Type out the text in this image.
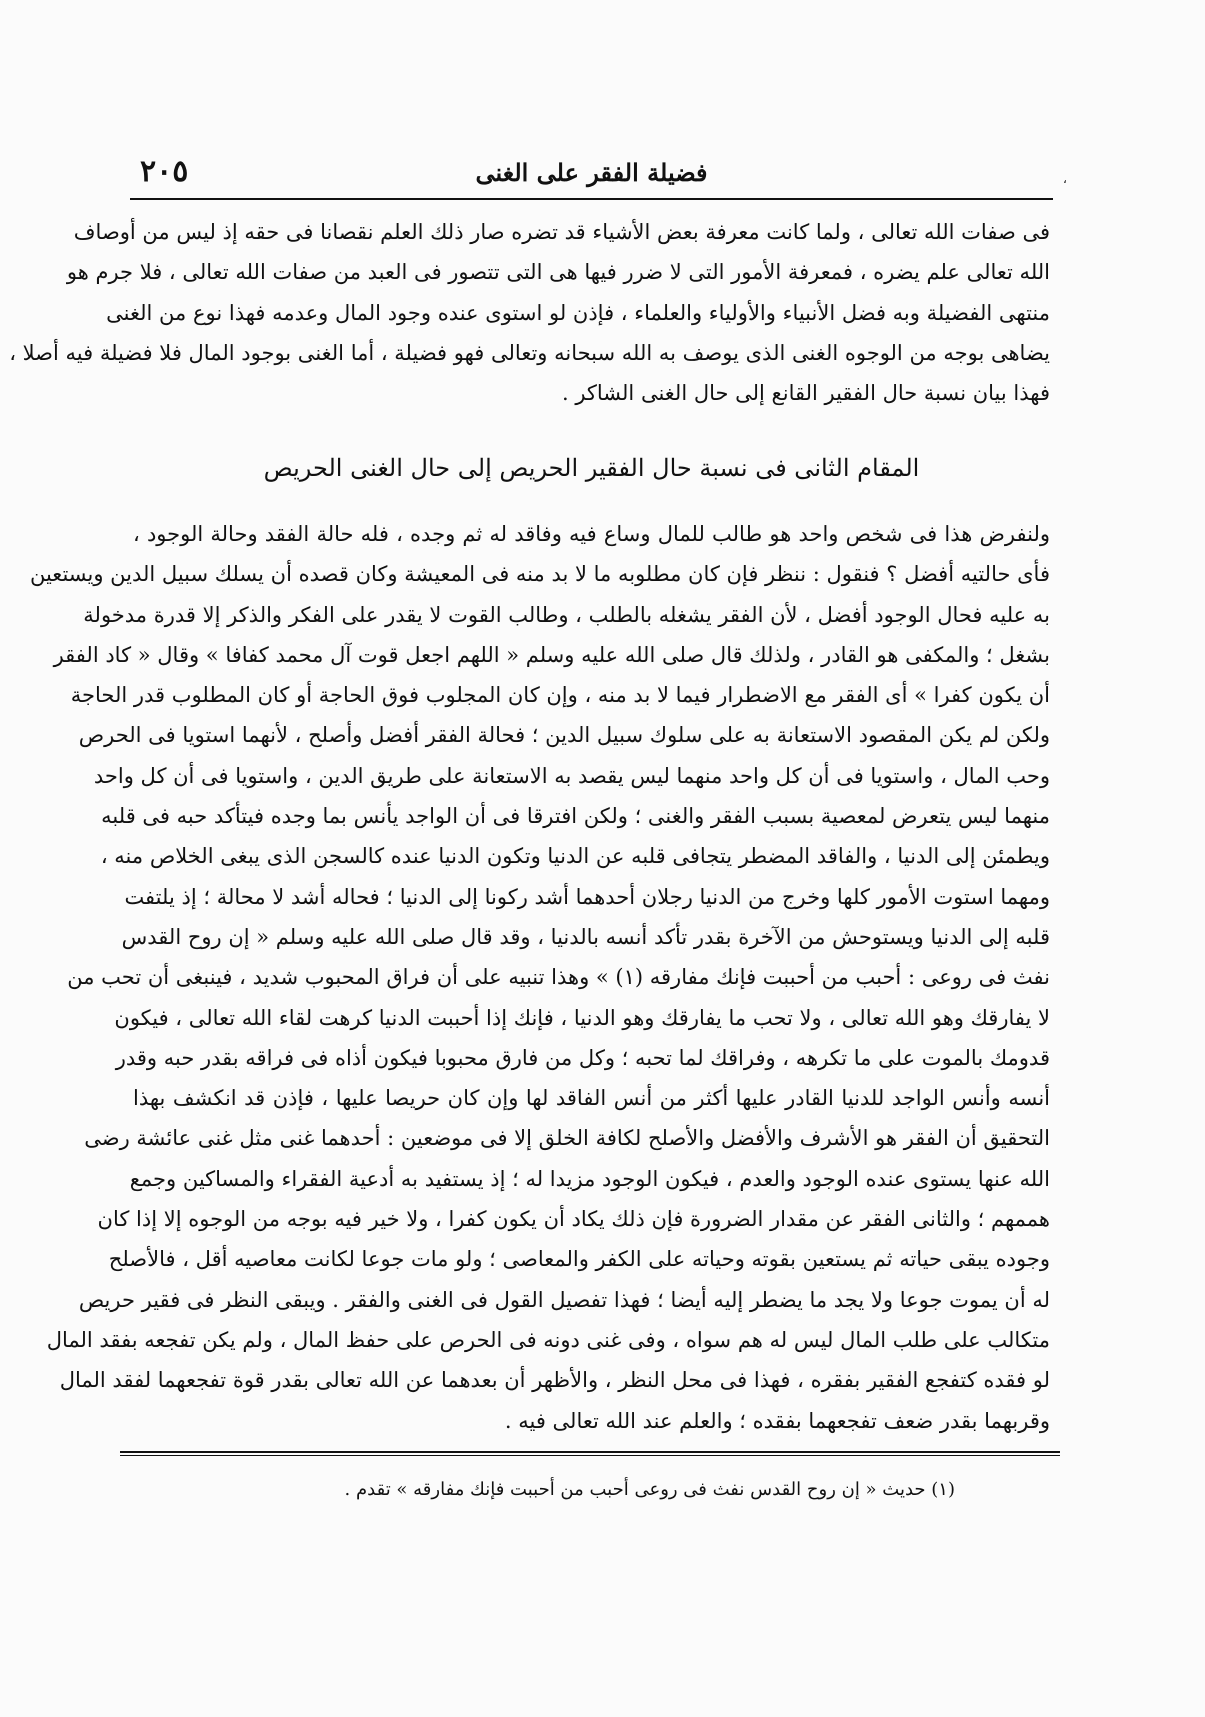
فضيلة الفقر على الغنى
٢٠٥	،
فى صفات الله تعالى ، ولما كانت معرفة بعض الأشياء قد تضره صار ذلك العلم نقصانا فى حقه إذ ليس من أوصاف
الله تعالى علم يضره ، فمعرفة الأمور التى لا ضرر فيها هى التى تتصور فى العبد من صفات الله تعالى ، فلا جرم هو
منتهى الفضيلة وبه فضل الأنبياء والأولياء والعلماء ، فإذن لو استوى عنده وجود المال وعدمه فهذا نوع من الغنى
يضاهى بوجه من الوجوه الغنى الذى يوصف به الله سبحانه وتعالى فهو فضيلة ، أما الغنى بوجود المال فلا فضيلة فيه أصلا ،
فهذا بيان نسبة حال الفقير القانع إلى حال الغنى الشاكر .
المقام الثانى فى نسبة حال الفقير الحريص إلى حال الغنى الحريص
ولنفرض هذا فى شخص واحد هو طالب للمال وساع فيه وفاقد له ثم وجده ، فله حالة الفقد وحالة الوجود ،
فأى حالتيه أفضل ؟ فنقول : ننظر فإن كان مطلوبه ما لا بد منه فى المعيشة وكان قصده أن يسلك سبيل الدين ويستعين
به عليه فحال الوجود أفضل ، لأن الفقر يشغله بالطلب ، وطالب القوت لا يقدر على الفكر والذكر إلا قدرة مدخولة
بشغل ؛ والمكفى هو القادر ، ولذلك قال صلى الله عليه وسلم « اللهم اجعل قوت آل محمد كفافا » وقال « كاد الفقر
أن يكون كفرا » أى الفقر مع الاضطرار فيما لا بد منه ، وإن كان المجلوب فوق الحاجة أو كان المطلوب قدر الحاجة
ولكن لم يكن المقصود الاستعانة به على سلوك سبيل الدين ؛ فحالة الفقر أفضل وأصلح ، لأنهما استويا فى الحرص
وحب المال ، واستويا فى أن كل واحد منهما ليس يقصد به الاستعانة على طريق الدين ، واستويا فى أن كل واحد
منهما ليس يتعرض لمعصية بسبب الفقر والغنى ؛ ولكن افترقا فى أن الواجد يأنس بما وجده فيتأكد حبه فى قلبه
ويطمئن إلى الدنيا ، والفاقد المضطر يتجافى قلبه عن الدنيا وتكون الدنيا عنده كالسجن الذى يبغى الخلاص منه ،
ومهما استوت الأمور كلها وخرج من الدنيا رجلان أحدهما أشد ركونا إلى الدنيا ؛ فحاله أشد لا محالة ؛ إذ يلتفت
قلبه إلى الدنيا ويستوحش من الآخرة بقدر تأكد أنسه بالدنيا ، وقد قال صلى الله عليه وسلم « إن روح القدس
نفث فى روعى : أحبب من أحببت فإنك مفارقه (١) » وهذا تنبيه على أن فراق المحبوب شديد ، فينبغى أن تحب من
لا يفارقك وهو الله تعالى ، ولا تحب ما يفارقك وهو الدنيا ، فإنك إذا أحببت الدنيا كرهت لقاء الله تعالى ، فيكون
قدومك بالموت على ما تكرهه ، وفراقك لما تحبه ؛ وكل من فارق محبوبا فيكون أذاه فى فراقه بقدر حبه وقدر
أنسه وأنس الواجد للدنيا القادر عليها أكثر من أنس الفاقد لها وإن كان حريصا عليها ، فإذن قد انكشف بهذا
التحقيق أن الفقر هو الأشرف والأفضل والأصلح لكافة الخلق إلا فى موضعين : أحدهما غنى مثل غنى عائشة رضى
الله عنها يستوى عنده الوجود والعدم ، فيكون الوجود مزيدا له ؛ إذ يستفيد به أدعية الفقراء والمساكين وجمع
هممهم ؛ والثانى الفقر عن مقدار الضرورة فإن ذلك يكاد أن يكون كفرا ، ولا خير فيه بوجه من الوجوه إلا إذا كان
وجوده يبقى حياته ثم يستعين بقوته وحياته على الكفر والمعاصى ؛ ولو مات جوعا لكانت معاصيه أقل ، فالأصلح
له أن يموت جوعا ولا يجد ما يضطر إليه أيضا ؛ فهذا تفصيل القول فى الغنى والفقر . ويبقى النظر فى فقير حريص
متكالب على طلب المال ليس له هم سواه ، وفى غنى دونه فى الحرص على حفظ المال ، ولم يكن تفجعه بفقد المال
لو فقده كتفجع الفقير بفقره ، فهذا فى محل النظر ، والأظهر أن بعدهما عن الله تعالى بقدر قوة تفجعهما لفقد المال
وقربهما بقدر ضعف تفجعهما بفقده ؛ والعلم عند الله تعالى فيه .
(١) حديث « إن روح القدس نفث فى روعى أحبب من أحببت فإنك مفارقه » تقدم .
